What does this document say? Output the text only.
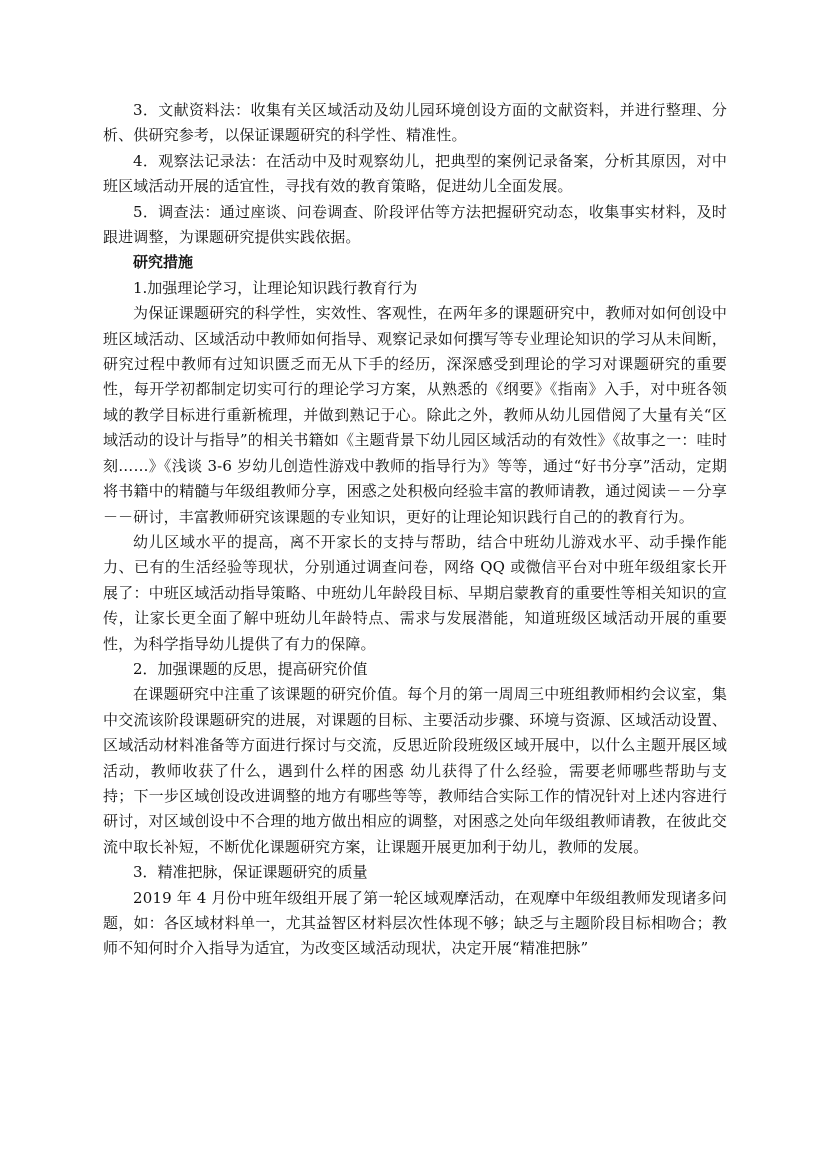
3．文献资料法：收集有关区域活动及幼儿园环境创设方面的文献资料，并进行整理、分析、供研究参考，以保证课题研究的科学性、精准性。

4．观察法记录法：在活动中及时观察幼儿，把典型的案例记录备案，分析其原因，对中班区域活动开展的适宜性，寻找有效的教育策略，促进幼儿全面发展。

5．调查法：通过座谈、问卷调查、阶段评估等方法把握研究动态，收集事实材料，及时跟进调整，为课题研究提供实践依据。

研究措施

1.加强理论学习，让理论知识践行教育行为

为保证课题研究的科学性，实效性、客观性，在两年多的课题研究中，教师对如何创设中班区域活动、区域活动中教师如何指导、观察记录如何撰写等专业理论知识的学习从未间断，研究过程中教师有过知识匮乏而无从下手的经历，深深感受到理论的学习对课题研究的重要性，每开学初都制定切实可行的理论学习方案，从熟悉的《纲要》《指南》入手，对中班各领域的教学目标进行重新梳理，并做到熟记于心。除此之外，教师从幼儿园借阅了大量有关“区域活动的设计与指导”的相关书籍如《主题背景下幼儿园区域活动的有效性》《故事之一：哇时刻……》《浅谈 3-6 岁幼儿创造性游戏中教师的指导行为》等等，通过“好书分享”活动，定期将书籍中的精髓与年级组教师分享，困惑之处积极向经验丰富的教师请教，通过阅读－－分享－－研讨，丰富教师研究该课题的专业知识，更好的让理论知识践行自己的的教育行为。

幼儿区域水平的提高，离不开家长的支持与帮助，结合中班幼儿游戏水平、动手操作能力、已有的生活经验等现状，分别通过调查问卷，网络 QQ 或微信平台对中班年级组家长开展了：中班区域活动指导策略、中班幼儿年龄段目标、早期启蒙教育的重要性等相关知识的宣传，让家长更全面了解中班幼儿年龄特点、需求与发展潜能，知道班级区域活动开展的重要性，为科学指导幼儿提供了有力的保障。

2．加强课题的反思，提高研究价值

在课题研究中注重了该课题的研究价值。每个月的第一周周三中班组教师相约会议室，集中交流该阶段课题研究的进展，对课题的目标、主要活动步骤、环境与资源、区域活动设置、区域活动材料准备等方面进行探讨与交流，反思近阶段班级区域开展中，以什么主题开展区域活动，教师收获了什么，遇到什么样的困惑 幼儿获得了什么经验，需要老师哪些帮助与支持；下一步区域创设改进调整的地方有哪些等等，教师结合实际工作的情况针对上述内容进行研讨，对区域创设中不合理的地方做出相应的调整，对困惑之处向年级组教师请教，在彼此交流中取长补短，不断优化课题研究方案，让课题开展更加利于幼儿，教师的发展。

3．精准把脉，保证课题研究的质量

2019 年 4 月份中班年级组开展了第一轮区域观摩活动，在观摩中年级组教师发现诸多问题，如：各区域材料单一，尤其益智区材料层次性体现不够；缺乏与主题阶段目标相吻合；教师不知何时介入指导为适宜，为改变区域活动现状，决定开展“精准把脉”
